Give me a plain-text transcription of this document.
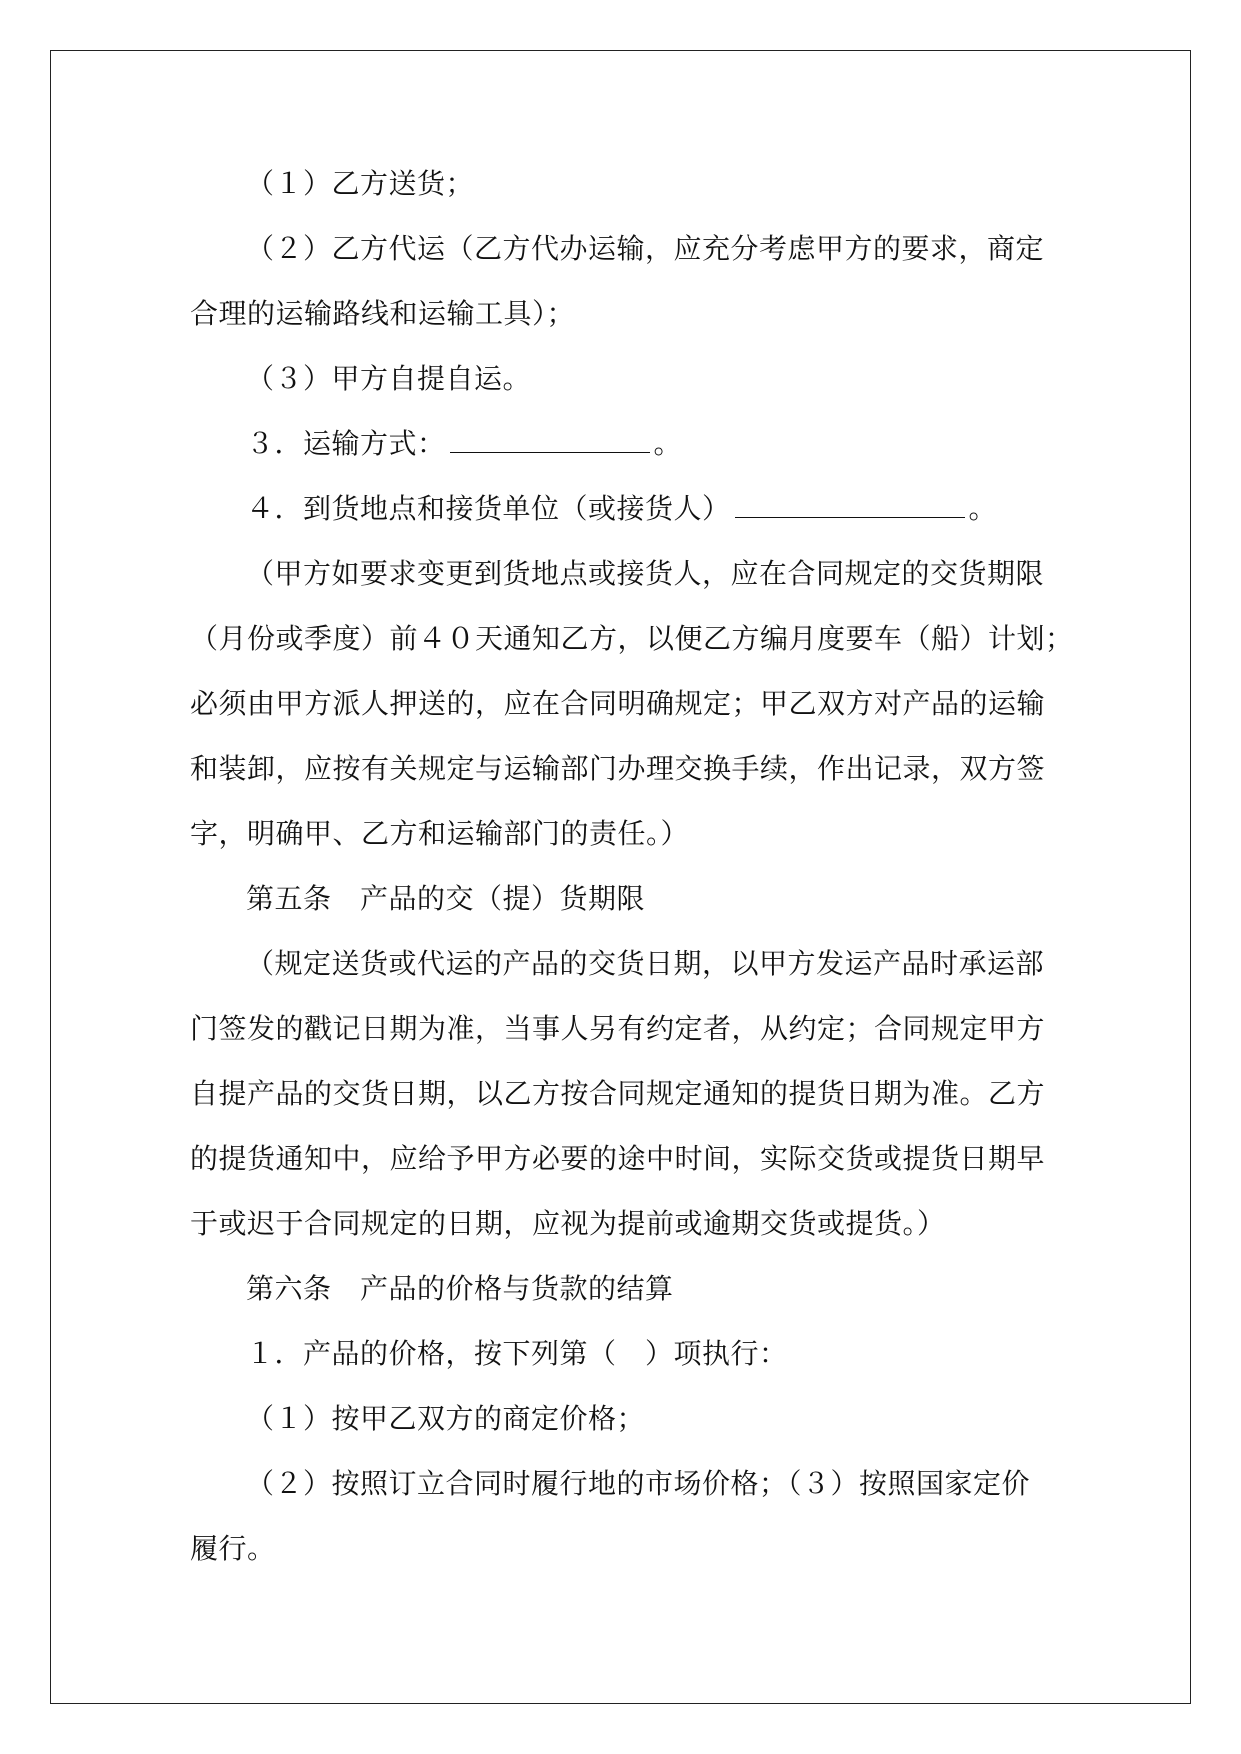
（１）乙方送货；
（２）乙方代运（乙方代办运输，应充分考虑甲方的要求，商定
合理的运输路线和运输工具）；
（３）甲方自提自运。
３．运输方式：	。
４．到货地点和接货单位（或接货人）	。
（甲方如要求变更到货地点或接货人，应在合同规定的交货期限
（月份或季度）前４０天通知乙方，以便乙方编月度要车（船）计划；
必须由甲方派人押送的，应在合同明确规定；甲乙双方对产品的运输
和装卸，应按有关规定与运输部门办理交换手续，作出记录，双方签
字，明确甲、乙方和运输部门的责任。）
第五条　产品的交（提）货期限
（规定送货或代运的产品的交货日期，以甲方发运产品时承运部
门签发的戳记日期为准，当事人另有约定者，从约定；合同规定甲方
自提产品的交货日期，以乙方按合同规定通知的提货日期为准。乙方
的提货通知中，应给予甲方必要的途中时间，实际交货或提货日期早
于或迟于合同规定的日期，应视为提前或逾期交货或提货。）
第六条　产品的价格与货款的结算
１．产品的价格，按下列第（　）项执行：
（１）按甲乙双方的商定价格；
（２）按照订立合同时履行地的市场价格；（３）按照国家定价
履行。
